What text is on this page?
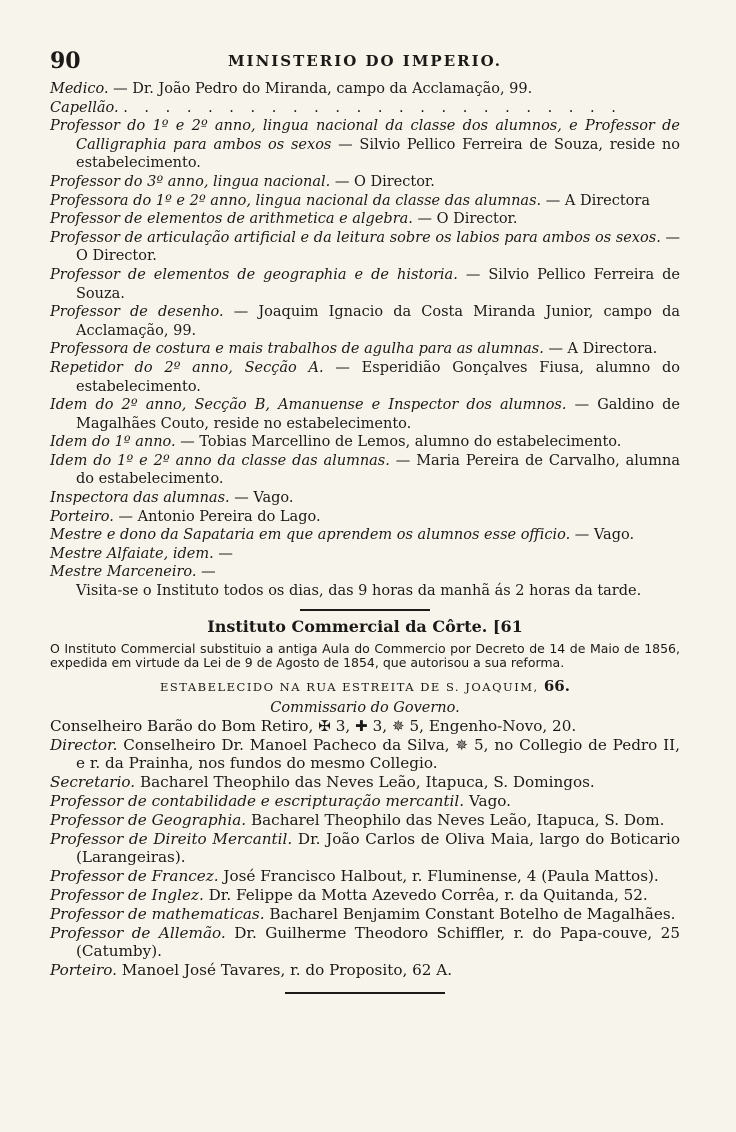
90	MINISTERIO DO IMPERIO.

Medico. — Dr. João Pedro do Miranda, campo da Acclamação, 99.

Capellão. . . . . . . . . . . . . . . . . . . . . . . . .

Professor do 1º e 2º anno, lingua nacional da classe dos alumnos, e Professor de Calligraphia para ambos os sexos — Silvio Pellico Ferreira de Souza, reside no estabelecimento.

Professor do 3º anno, lingua nacional. — O Director.

Professora do 1º e 2º anno, lingua nacional da classe das alumnas. — A Directora

Professor de elementos de arithmetica e algebra. — O Director.

Professor de articulação artificial e da leitura sobre os labios para ambos os sexos. — O Director.

Professor de elementos de geographia e de historia. — Silvio Pellico Ferreira de Souza.

Professor de desenho. — Joaquim Ignacio da Costa Miranda Junior, campo da Acclamação, 99.

Professora de costura e mais trabalhos de agulha para as alumnas. — A Directora.

Repetidor do 2º anno, Secção A. — Esperidião Gonçalves Fiusa, alumno do estabelecimento.

Idem do 2º anno, Secção B, Amanuense e Inspector dos alumnos. — Galdino de Magalhães Couto, reside no estabelecimento.

Idem do 1º anno. — Tobias Marcellino de Lemos, alumno do estabelecimento.

Idem do 1º e 2º anno da classe das alumnas. — Maria Pereira de Carvalho, alumna do estabelecimento.

Inspectora das alumnas. — Vago.

Porteiro. — Antonio Pereira do Lago.

Mestre e dono da Sapataria em que aprendem os alumnos esse officio. — Vago.

Mestre Alfaiate, idem. —

Mestre Marceneiro. —

Visita-se o Instituto todos os dias, das 9 horas da manhã ás 2 horas da tarde.

Instituto Commercial da Côrte. [61

O Instituto Commercial substituio a antiga Aula do Commercio por Decreto de 14 de Maio de 1856, expedida em virtude da Lei de 9 de Agosto de 1854, que autorisou a sua reforma.

ESTABELECIDO NA RUA ESTREITA DE S. JOAQUIM, 66.
Commissario do Governo.

Conselheiro Barão do Bom Retiro, ✠ 3, ✚ 3, ✵ 5, Engenho-Novo, 20.

Director. Conselheiro Dr. Manoel Pacheco da Silva, ✵ 5, no Collegio de Pedro II, e r. da Prainha, nos fundos do mesmo Collegio.

Secretario. Bacharel Theophilo das Neves Leão, Itapuca, S. Domingos.

Professor de contabilidade e escripturação mercantil. Vago.

Professor de Geographia. Bacharel Theophilo das Neves Leão, Itapuca, S. Dom.

Professor de Direito Mercantil. Dr. João Carlos de Oliva Maia, largo do Boticario (Larangeiras).

Professor de Francez. José Francisco Halbout, r. Fluminense, 4 (Paula Mattos).

Professor de Inglez. Dr. Felippe da Motta Azevedo Corrêa, r. da Quitanda, 52.

Professor de mathematicas. Bacharel Benjamim Constant Botelho de Magalhães.

Professor de Allemão. Dr. Guilherme Theodoro Schiffler, r. do Papa-couve, 25 (Catumby).

Porteiro. Manoel José Tavares, r. do Proposito, 62 A.
